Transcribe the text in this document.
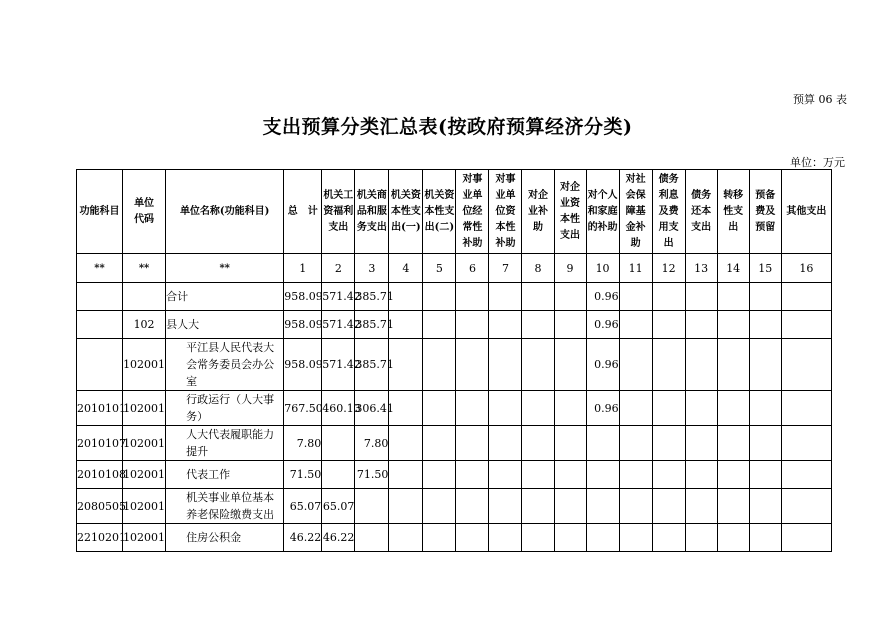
预算 06 表
支出预算分类汇总表(按政府预算经济分类)
单位：万元
功能科目	单位
代码	单位名称(功能科目)	总　计	机关工
资福利
支出	机关商
品和服
务支出	机关资
本性支
出(一)	机关资
本性支
出(二)	对事
业单
位经
常性
补助	对事
业单
位资
本性
补助	对企
业补
助	对企
业资
本性
支出	对个人
和家庭
的补助	对社
会保
障基
金补
助	债务
利息
及费
用支
出	债务
还本
支出	转移
性支
出	预备
费及
预留	其他支出

**	**	**	1	2	3	4	5	6	7	8	9	10	11	12	13	14	15	16
		合计	958.09	571.42	385.71							0.96						
	102	县人大	958.09	571.42	385.71							0.96						
	102001	平江县人民代表大会常务委员会办公室	958.09	571.42	385.71							0.96						
2010101	102001	行政运行（人大事务）	767.50	460.13	306.41							0.96						
2010107	102001	人大代表履职能力提升	7.80		7.80													
2010108	102001	代表工作	71.50		71.50													
2080505	102001	机关事业单位基本养老保险缴费支出	65.07	65.07														
2210201	102001	住房公积金	46.22	46.22														
